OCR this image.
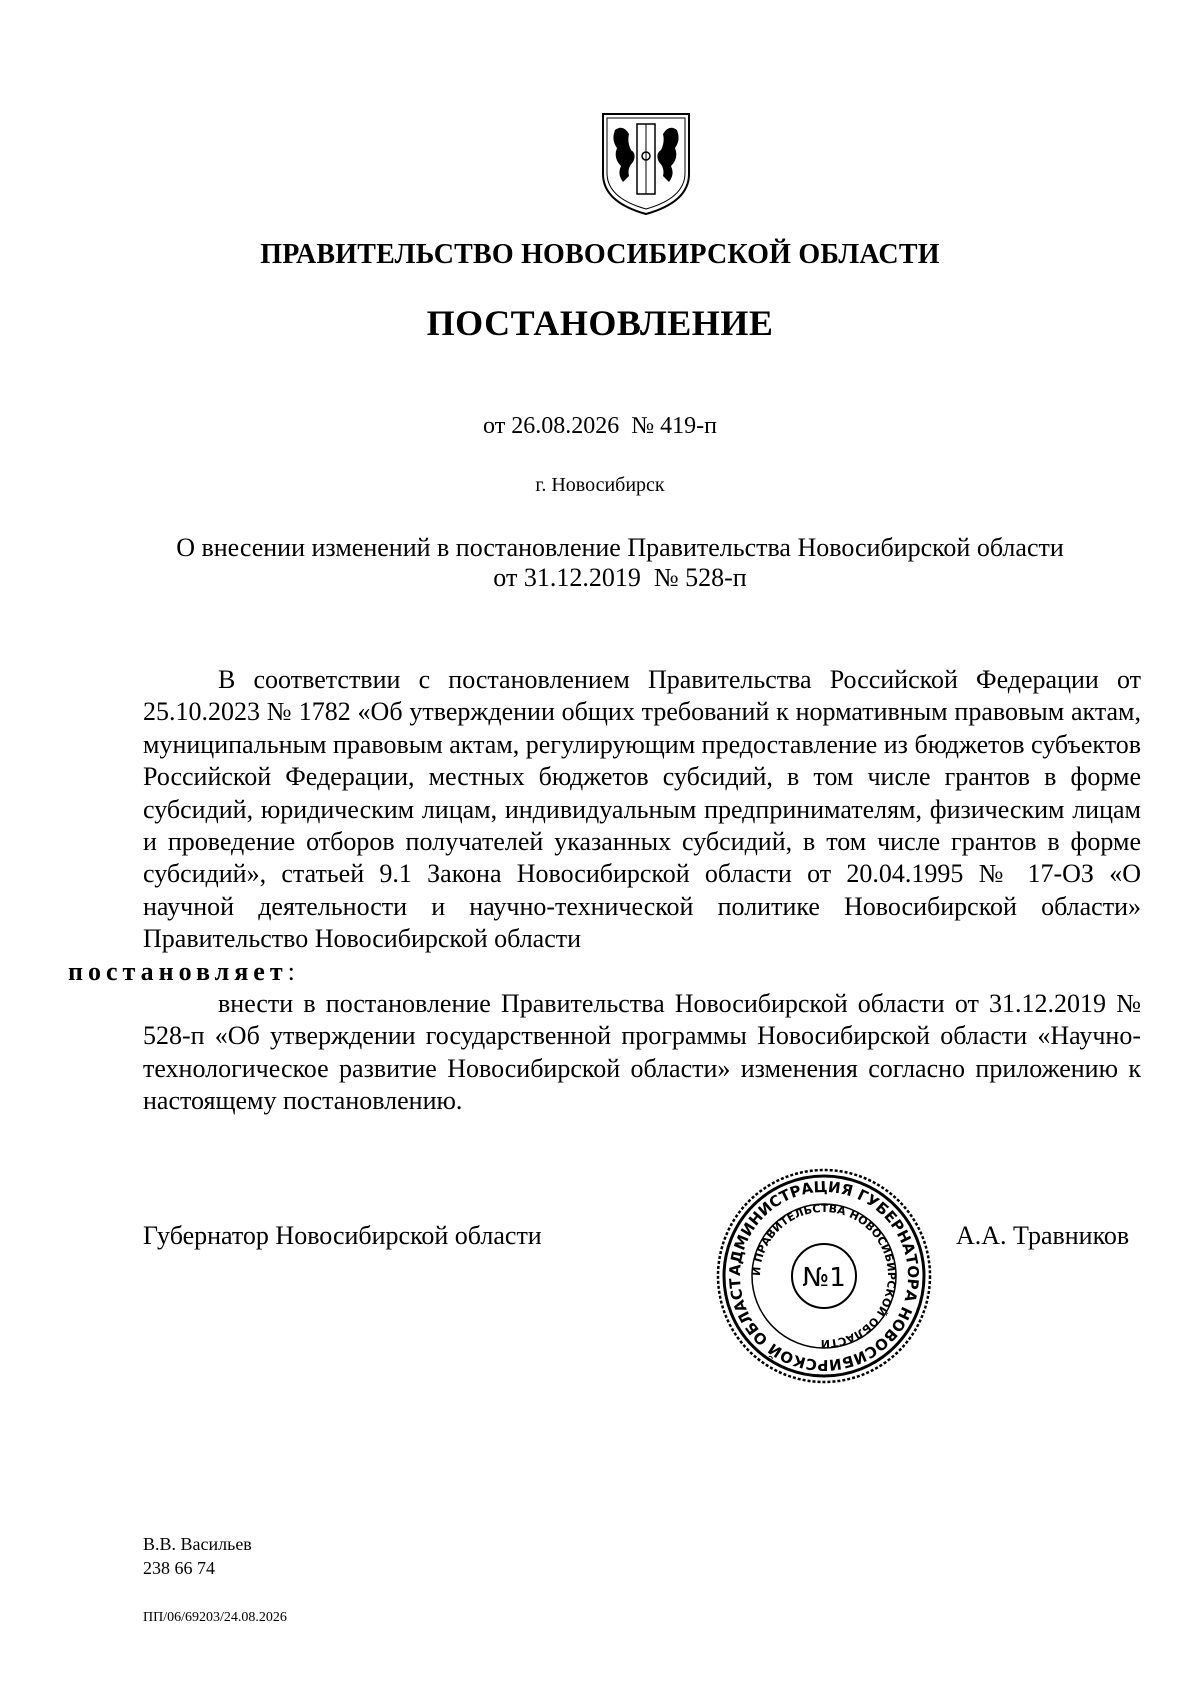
ПРАВИТЕЛЬСТВО НОВОСИБИРСКОЙ ОБЛАСТИ
ПОСТАНОВЛЕНИЕ
от 26.08.2026  № 419-п
г. Новосибирск
О внесении изменений в постановление Правительства Новосибирской области
от 31.12.2019  № 528-п

В соответствии с постановлением Правительства Российской Федерации от 25.10.2023 № 1782 «Об утверждении общих требований к нормативным правовым актам, муниципальным правовым актам, регулирующим предоставление из бюджетов субъектов Российской Федерации, местных бюджетов субсидий, в том числе грантов в форме субсидий, юридическим лицам, индивидуальным предпринимателям, физическим лицам и проведение отборов получателей указанных субсидий, в том числе грантов в форме субсидий», статьей 9.1 Закона Новосибирской области от 20.04.1995 № 17-ОЗ «О научной деятельности и научно-технической политике Новосибирской области» Правительство Новосибирской области
постановляет:

внести в постановление Правительства Новосибирской области от 31.12.2019 № 528-п «Об утверждении государственной программы Новосибирской области «Научно-технологическое развитие Новосибирской области» изменения согласно приложению к настоящему постановлению.

Губернатор Новосибирской области
АДМИНИСТРАЦИЯ ГУБЕРНАТОРА НОВОСИБИРСКОЙ ОБЛАСТ
И ПРАВИТЕЛЬСТВА НОВОСИБИРСКОЙ ОБЛАСТИ
№1
А.А. Травников
В.В. Васильев
238 66 74
ПП/06/69203/24.08.2026
